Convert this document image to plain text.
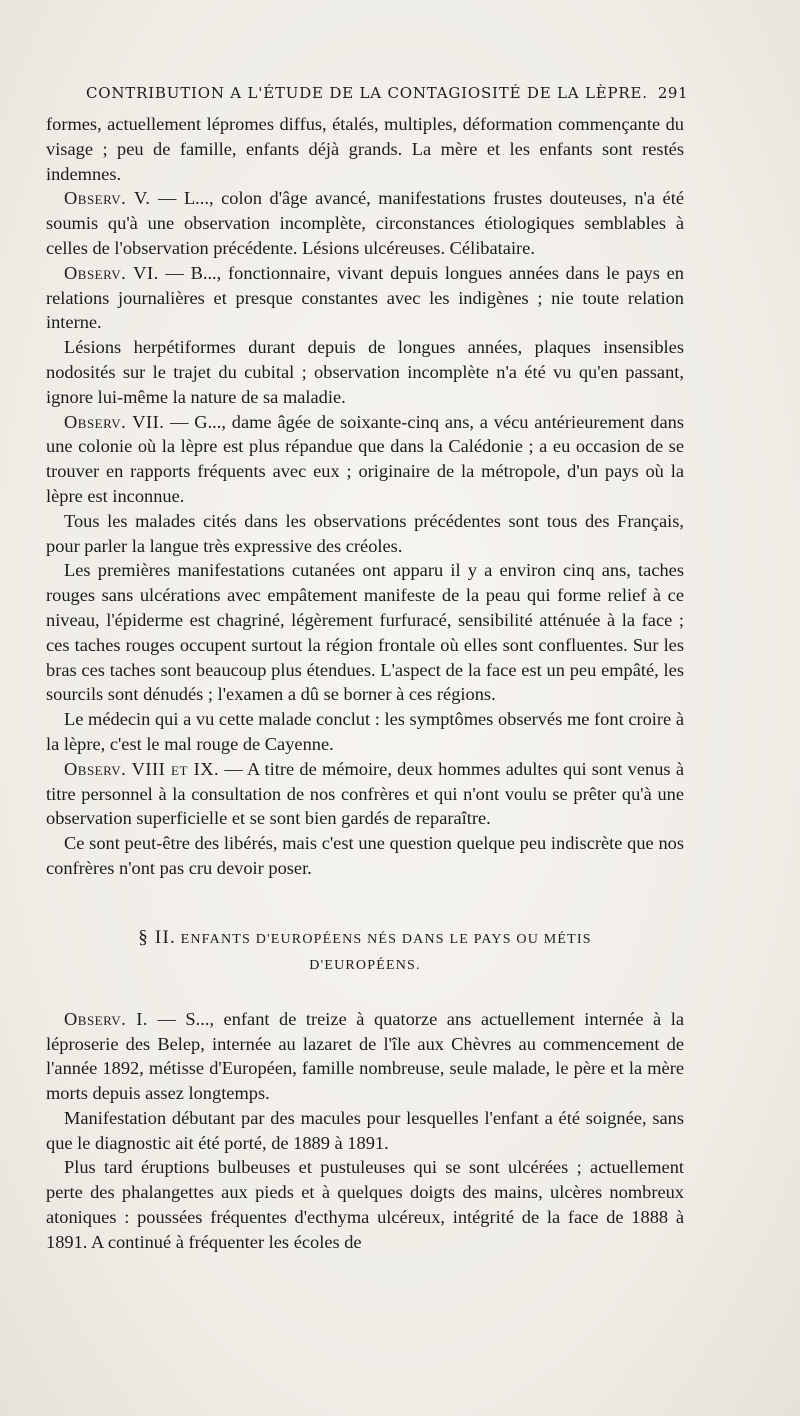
CONTRIBUTION A L'ÉTUDE DE LA CONTAGIOSITÉ DE LA LÈPRE. 291

formes, actuellement lépromes diffus, étalés, multiples, déformation commençante du visage ; peu de famille, enfants déjà grands. La mère et les enfants sont restés indemnes.

Observ. V. — L..., colon d'âge avancé, manifestations frustes douteuses, n'a été soumis qu'à une observation incomplète, circonstances étiologiques semblables à celles de l'observation précédente. Lésions ulcéreuses. Célibataire.

Observ. VI. — B..., fonctionnaire, vivant depuis longues années dans le pays en relations journalières et presque constantes avec les indigènes ; nie toute relation interne.

Lésions herpétiformes durant depuis de longues années, plaques insensibles nodosités sur le trajet du cubital ; observation incomplète n'a été vu qu'en passant, ignore lui-même la nature de sa maladie.

Observ. VII. — G..., dame âgée de soixante-cinq ans, a vécu antérieurement dans une colonie où la lèpre est plus répandue que dans la Calédonie ; a eu occasion de se trouver en rapports fréquents avec eux ; originaire de la métropole, d'un pays où la lèpre est inconnue.

Tous les malades cités dans les observations précédentes sont tous des Français, pour parler la langue très expressive des créoles.

Les premières manifestations cutanées ont apparu il y a environ cinq ans, taches rouges sans ulcérations avec empâtement manifeste de la peau qui forme relief à ce niveau, l'épiderme est chagriné, légèrement furfuracé, sensibilité atténuée à la face ; ces taches rouges occupent surtout la région frontale où elles sont confluentes. Sur les bras ces taches sont beaucoup plus étendues. L'aspect de la face est un peu empâté, les sourcils sont dénudés ; l'examen a dû se borner à ces régions.

Le médecin qui a vu cette malade conclut : les symptômes observés me font croire à la lèpre, c'est le mal rouge de Cayenne.

Observ. VIII et IX. — A titre de mémoire, deux hommes adultes qui sont venus à titre personnel à la consultation de nos confrères et qui n'ont voulu se prêter qu'à une observation superficielle et se sont bien gardés de reparaître.

Ce sont peut-être des libérés, mais c'est une question quelque peu indiscrète que nos confrères n'ont pas cru devoir poser.

§ II. ENFANTS D'EUROPÉENS NÉS DANS LE PAYS OU MÉTIS
D'EUROPÉENS.

Observ. I. — S..., enfant de treize à quatorze ans actuellement internée à la léproserie des Belep, internée au lazaret de l'île aux Chèvres au commencement de l'année 1892, métisse d'Européen, famille nombreuse, seule malade, le père et la mère morts depuis assez longtemps.

Manifestation débutant par des macules pour lesquelles l'enfant a été soignée, sans que le diagnostic ait été porté, de 1889 à 1891.

Plus tard éruptions bulbeuses et pustuleuses qui se sont ulcérées ; actuellement perte des phalangettes aux pieds et à quelques doigts des mains, ulcères nombreux atoniques : poussées fréquentes d'ecthyma ulcéreux, intégrité de la face de 1888 à 1891. A continué à fréquenter les écoles de
